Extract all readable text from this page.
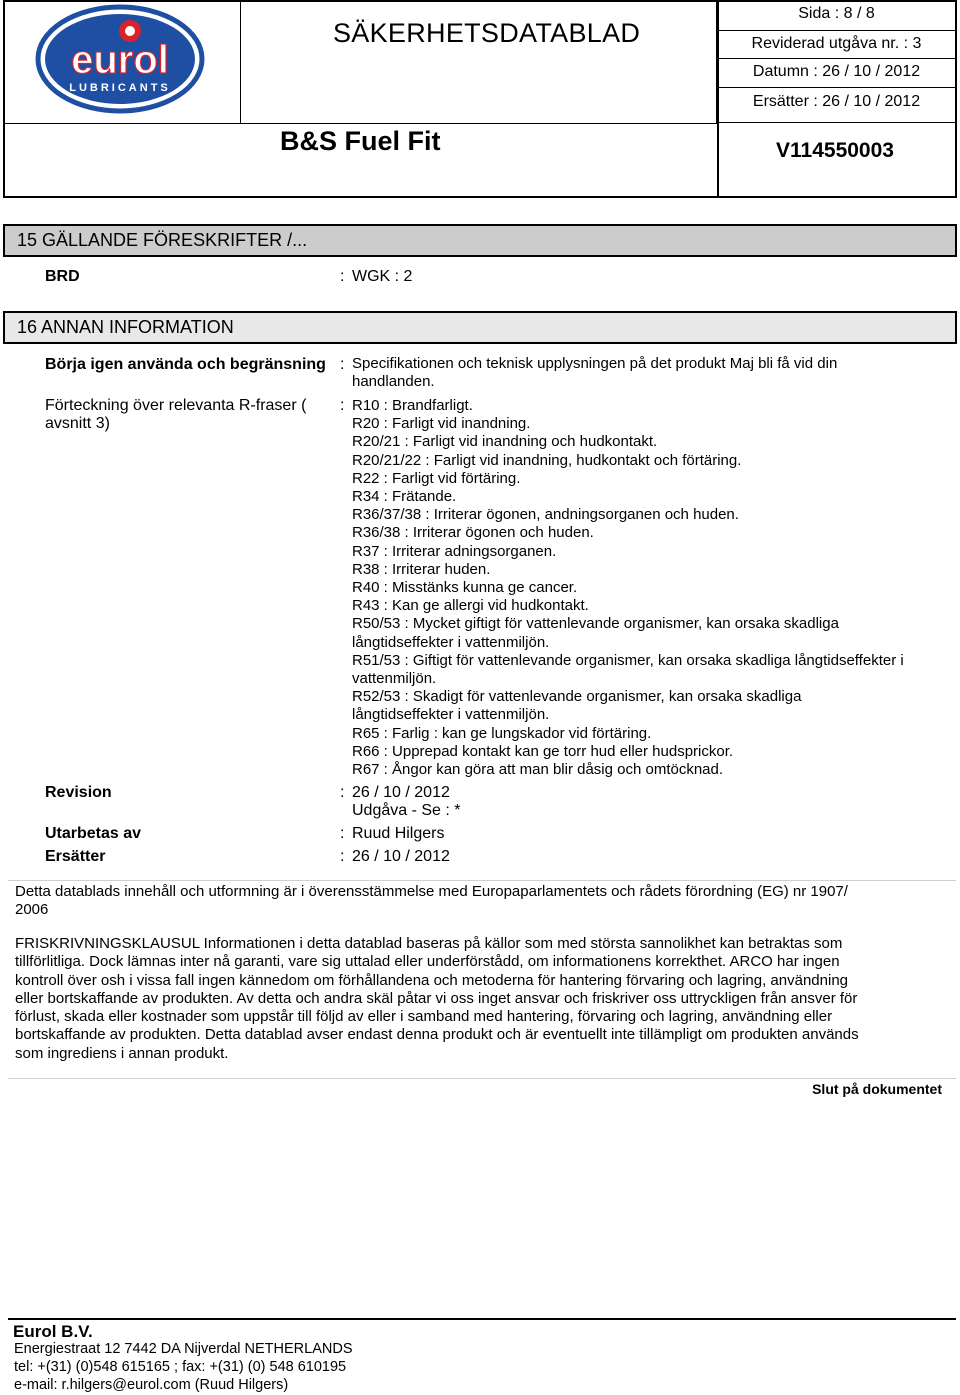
eurol
LUBRICANTS
SÄKERHETSDATABLAD
B&S Fuel Fit
Sida : 8 / 8
Reviderad utgåva nr. : 3
Datumn : 26 / 10 / 2012
Ersätter : 26 / 10 / 2012
V114550003
15 GÄLLANDE FÖRESKRIFTER /...
BRD	: WGK : 2
16 ANNAN INFORMATION
Börja igen använda och begränsning : Specifikationen och teknisk upplysningen på det produkt Maj bli få vid din
handlanden.
Förteckning över relevanta R-fraser (
avsnitt 3)
: R10 : Brandfarligt.
R20 : Farligt vid inandning.
R20/21 : Farligt vid inandning och hudkontakt.
R20/21/22 : Farligt vid inandning, hudkontakt och förtäring.
R22 : Farligt vid förtäring.
R34 : Frätande.
R36/37/38 : Irriterar ögonen, andningsorganen och huden.
R36/38 : Irriterar ögonen och huden.
R37 : Irriterar adningsorganen.
R38 : Irriterar huden.
R40 : Misstänks kunna ge cancer.
R43 : Kan ge allergi vid hudkontakt.
R50/53 : Mycket giftigt för vattenlevande organismer, kan orsaka skadliga
långtidseffekter i vattenmiljön.
R51/53 : Giftigt för vattenlevande organismer, kan orsaka skadliga långtidseffekter i
vattenmiljön.
R52/53 : Skadigt för vattenlevande organismer, kan orsaka skadliga
långtidseffekter i vattenmiljön.
R65 : Farlig : kan ge lungskador vid förtäring.
R66 : Upprepad kontakt kan ge torr hud eller hudsprickor.
R67 : Ångor kan göra att man blir dåsig och omtöcknad.
Revision	: 26 / 10 / 2012
Udgåva - Se : *
Utarbetas av	: Ruud Hilgers
Ersätter	: 26 / 10 / 2012
Detta datablads innehåll och utformning är i överensstämmelse med Europaparlamentets och rådets förordning (EG) nr 1907/
2006
FRISKRIVNINGSKLAUSUL Informationen i detta datablad baseras på källor som med största sannolikhet kan betraktas som
tillförlitliga. Dock lämnas inter nå garanti, vare sig uttalad eller underförstådd, om informationens korrekthet. ARCO har ingen
kontroll över osh i vissa fall ingen kännedom om förhållandena och metoderna för hantering förvaring och lagring, användning
eller bortskaffande av produkten. Av detta och andra skäl påtar vi oss inget ansvar och friskriver oss uttryckligen från ansver för
förlust, skada eller kostnader som uppstår till följd av eller i samband med hantering, förvaring och lagring, användning eller
bortskaffande av produkten. Detta datablad avser endast denna produkt och är eventuellt inte tillämpligt om produkten används
som ingrediens i annan produkt.
Slut på dokumentet
Eurol B.V.
Energiestraat 12 7442 DA Nijverdal NETHERLANDS
tel: +(31) (0)548 615165 ; fax: +(31) (0) 548 610195
e-mail: r.hilgers@eurol.com (Ruud Hilgers)
